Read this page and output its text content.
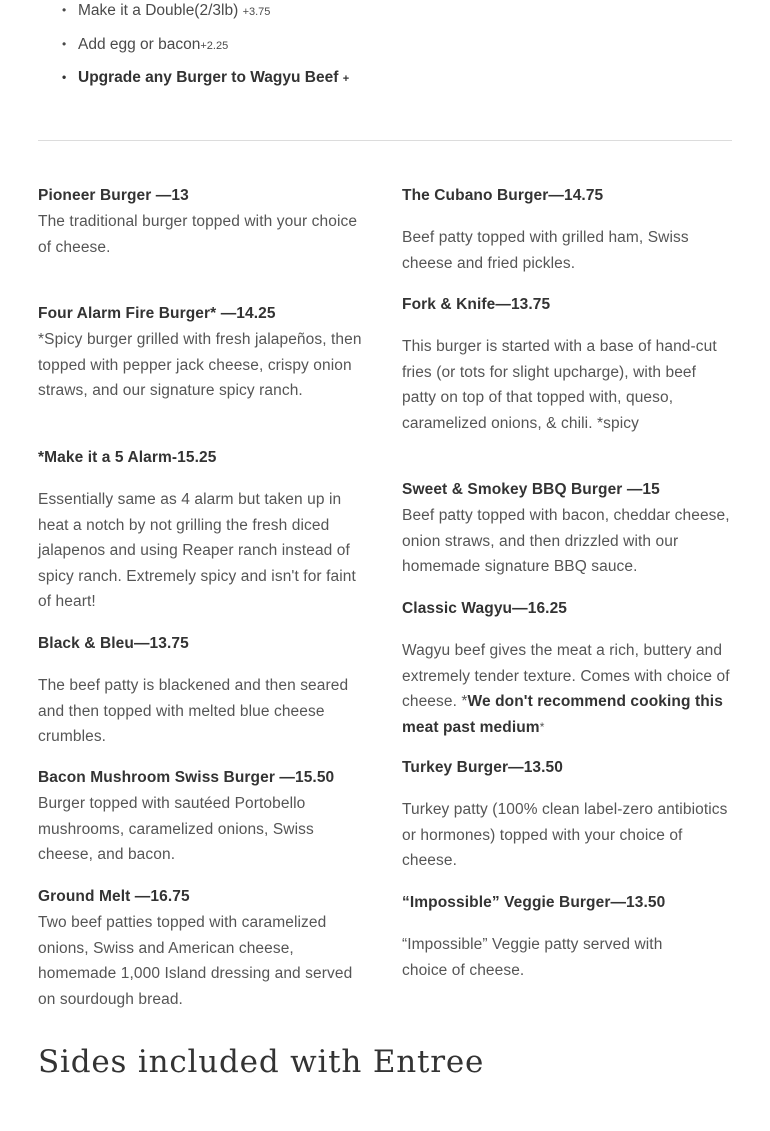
• Make it a Double(2/3lb) +3.75
• Add egg or bacon+2.25
• Upgrade any Burger to Wagyu Beef +
Pioneer Burger —13

The traditional burger topped with your choice of cheese.

Four Alarm Fire Burger* —14.25

*Spicy burger grilled with fresh jalapeños, then topped with pepper jack cheese, crispy onion straws, and our signature spicy ranch.

*Make it a 5 Alarm-15.25

Essentially same as 4 alarm but taken up in heat a notch by not grilling the fresh diced jalapenos and using Reaper ranch instead of spicy ranch. Extremely spicy and isn't for faint of heart!

Black & Bleu—13.75

The beef patty is blackened and then seared and then topped with melted blue cheese crumbles.

Bacon Mushroom Swiss Burger —15.50

Burger topped with sautéed Portobello mushrooms, caramelized onions, Swiss cheese, and bacon.

Ground Melt —16.75

Two beef patties topped with caramelized onions, Swiss and American cheese, homemade 1,000 Island dressing and served on sourdough bread.

The Cubano Burger—14.75

Beef patty topped with grilled ham, Swiss cheese and fried pickles.

Fork & Knife—13.75

This burger is started with a base of hand-cut fries (or tots for slight upcharge), with beef patty on top of that topped with, queso, caramelized onions, & chili. *spicy

Sweet & Smokey BBQ Burger —15

Beef patty topped with bacon, cheddar cheese, onion straws, and then drizzled with our homemade signature BBQ sauce.

Classic Wagyu—16.25

Wagyu beef gives the meat a rich, buttery and extremely tender texture. Comes with choice of cheese. *We don't recommend cooking this meat past medium*

Turkey Burger—13.50

Turkey patty (100% clean label-zero antibiotics or hormones) topped with your choice of cheese.

“Impossible” Veggie Burger—13.50

“Impossible” Veggie patty served with choice of cheese.

Sides included with Entree
